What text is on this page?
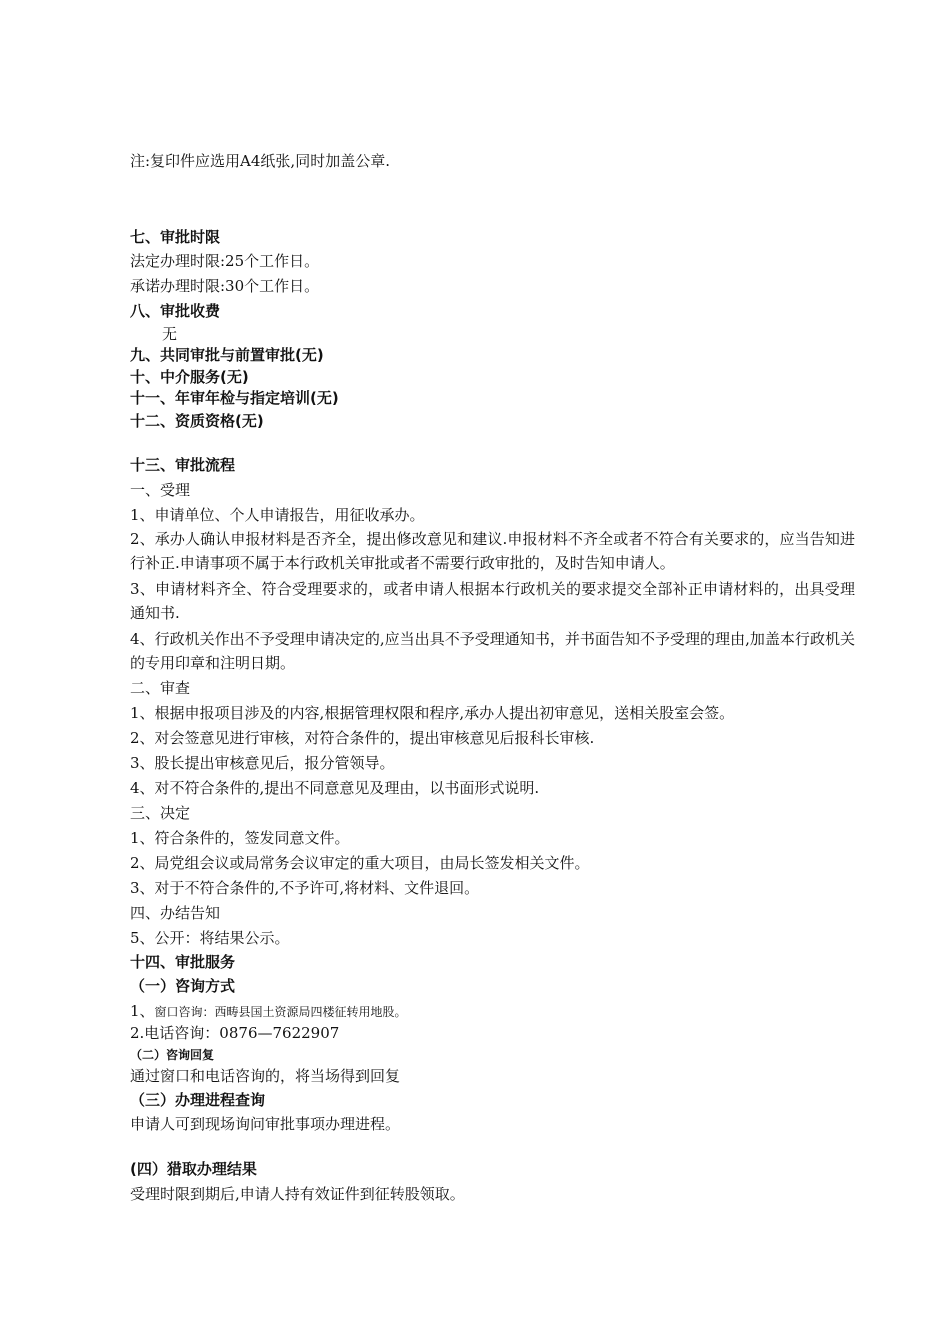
注:复印件应选用A4纸张,同时加盖公章.
七、审批时限
法定办理时限:25个工作日。
承诺办理时限:30个工作日。
八、审批收费
无
九、共同审批与前置审批(无)
十、中介服务(无)
十一、年审年检与指定培训(无)
十二、资质资格(无)
十三、审批流程
一、受理
1、申请单位、个人申请报告，用征收承办。
2、承办人确认申报材料是否齐全，提出修改意见和建议.申报材料不齐全或者不符合有关要求的，应当告知进行补正.申请事项不属于本行政机关审批或者不需要行政审批的，及时告知申请人。
3、申请材料齐全、符合受理要求的，或者申请人根据本行政机关的要求提交全部补正申请材料的，出具受理通知书.
4、行政机关作出不予受理申请决定的,应当出具不予受理通知书，并书面告知不予受理的理由,加盖本行政机关的专用印章和注明日期。
二、审查
1、根据申报项目涉及的内容,根据管理权限和程序,承办人提出初审意见，送相关股室会签。
2、对会签意见进行审核，对符合条件的，提出审核意见后报科长审核.
3、股长提出审核意见后，报分管领导。
4、对不符合条件的,提出不同意意见及理由，以书面形式说明.
三、决定
1、符合条件的，签发同意文件。
2、局党组会议或局常务会议审定的重大项目，由局长签发相关文件。
3、对于不符合条件的,不予许可,将材料、文件退回。
四、办结告知
5、公开：将结果公示。
十四、审批服务
（一）咨询方式
1、窗口咨询：西畴县国土资源局四楼征转用地股。
2.电话咨询：0876—7622907
（二）咨询回复
通过窗口和电话咨询的，将当场得到回复
（三）办理进程查询
申请人可到现场询问审批事项办理进程。
(四）猎取办理结果
受理时限到期后,申请人持有效证件到征转股领取。
